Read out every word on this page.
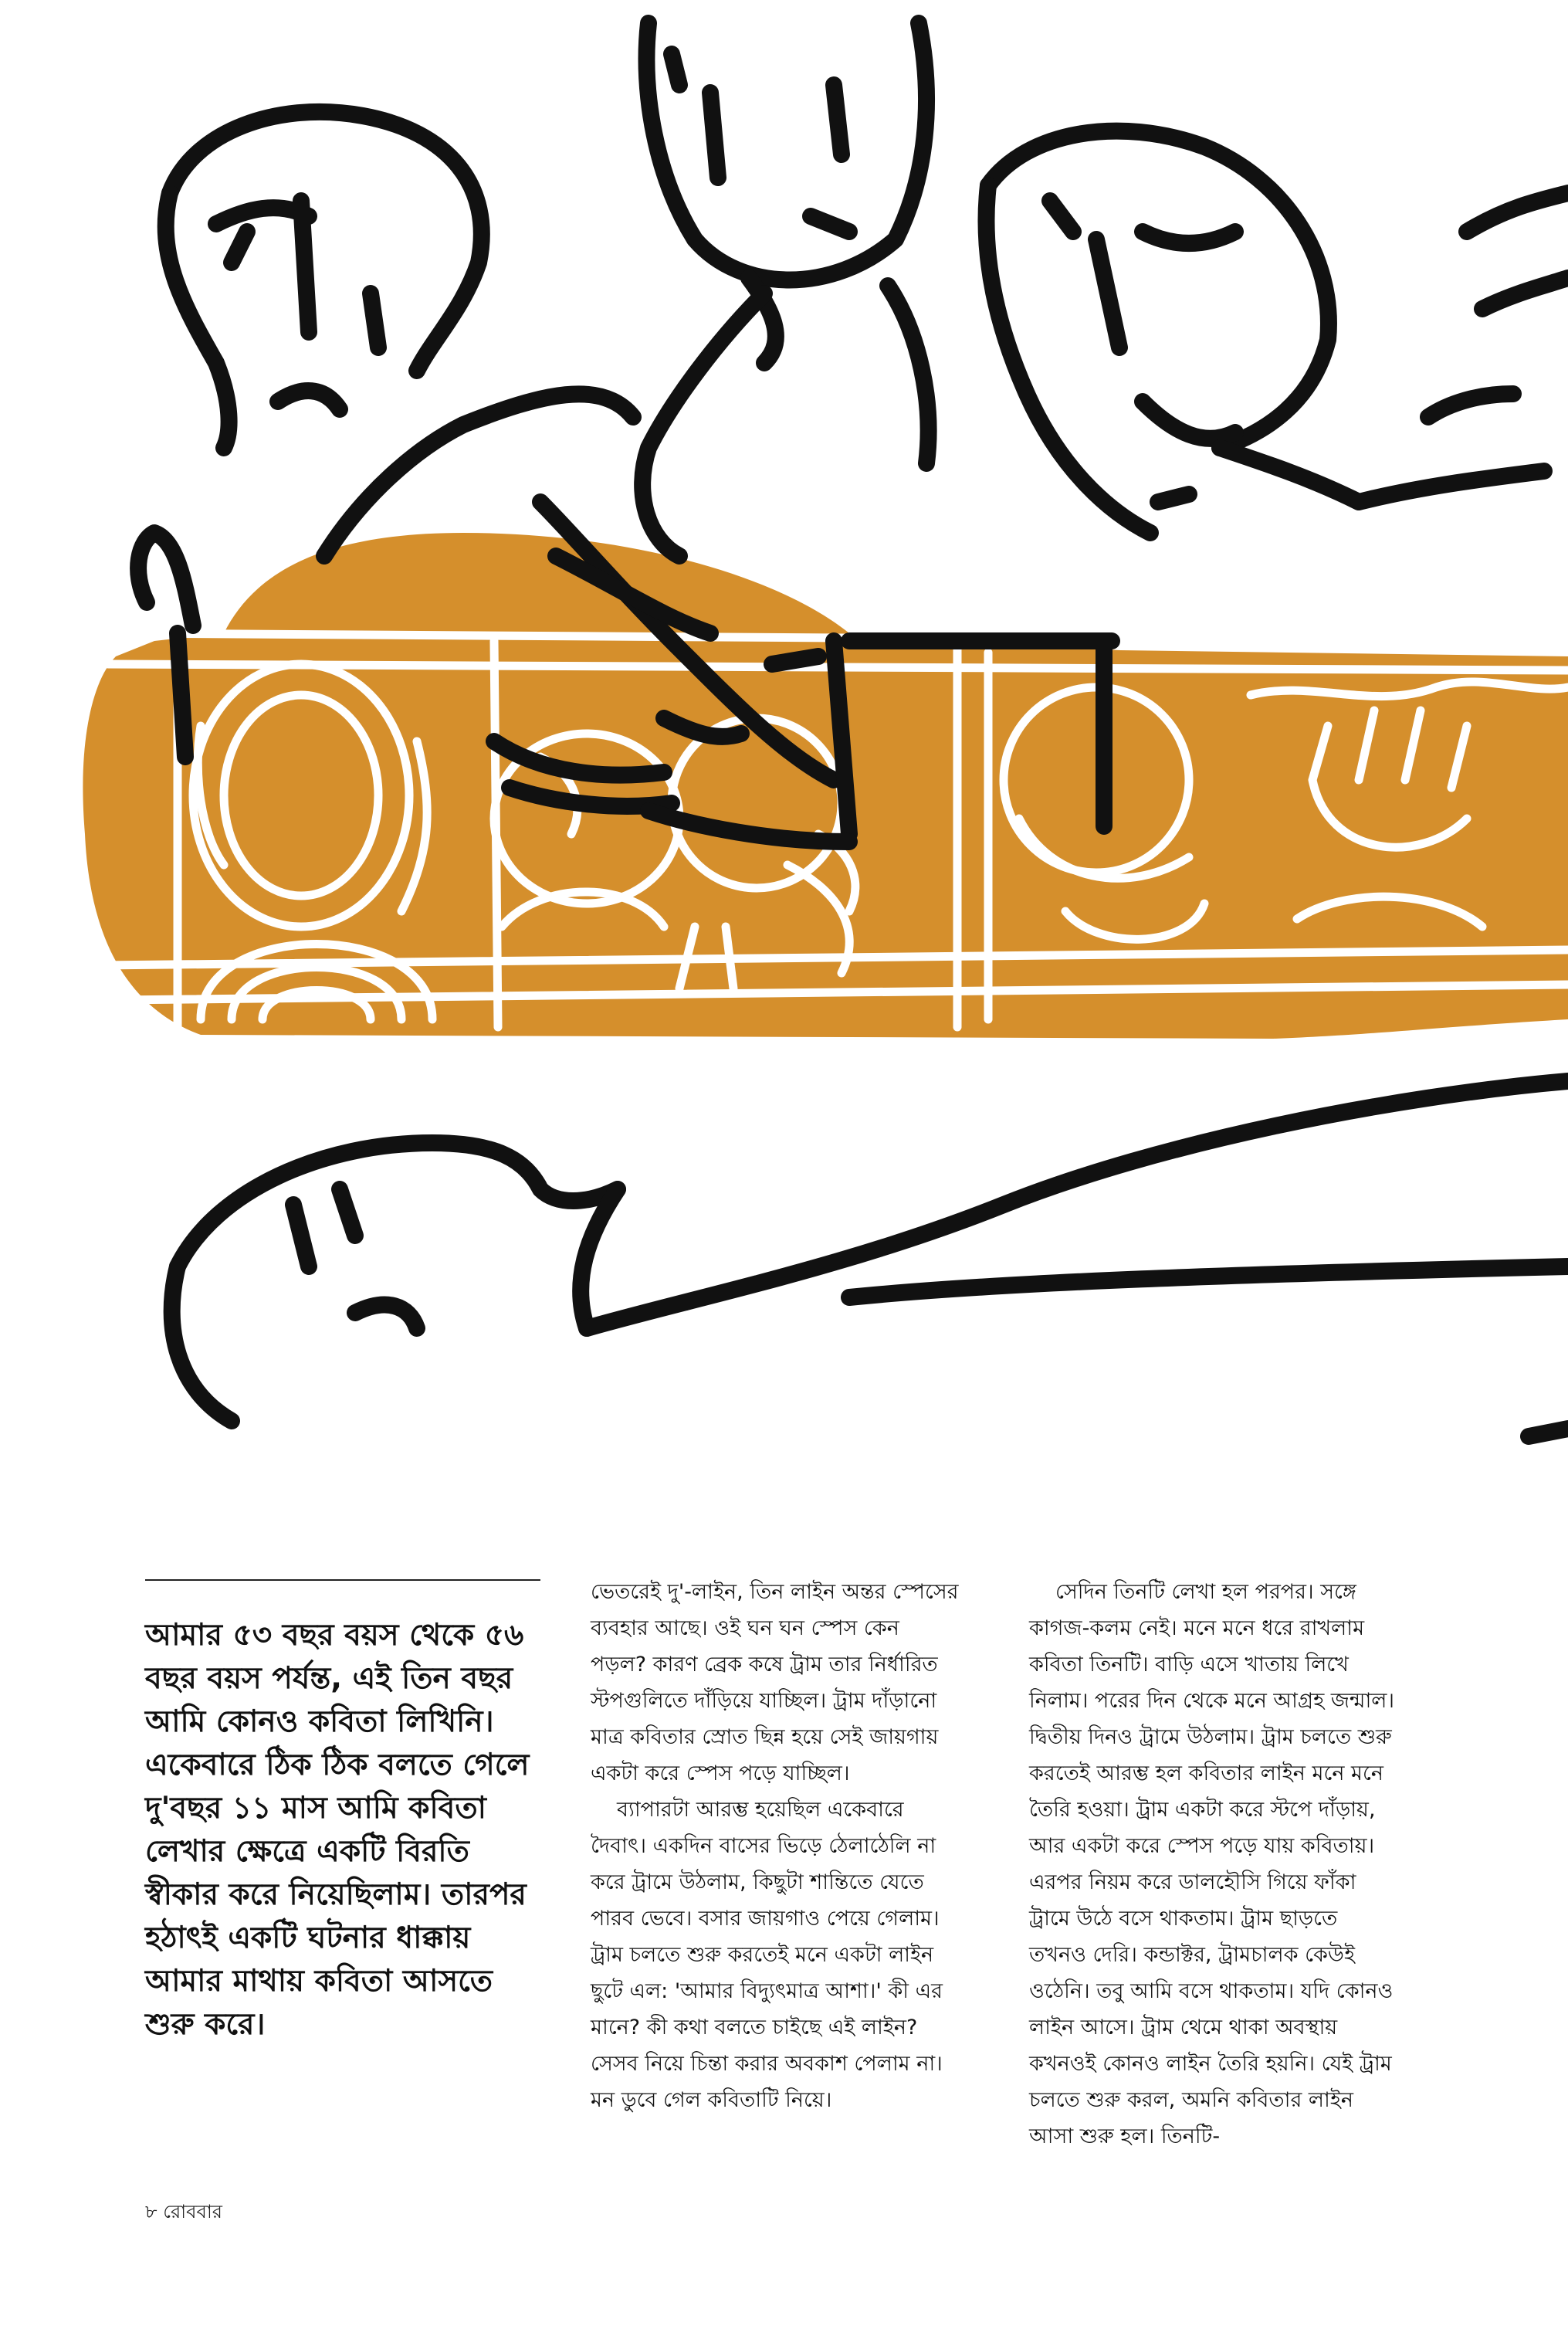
আমার ৫৩ বছর বয়স থেকে ৫৬ বছর বয়স পর্যন্ত, এই তিন বছর আমি কোনও কবিতা লিখিনি। একেবারে ঠিক ঠিক বলতে গেলে দু'বছর ১১ মাস আমি কবিতা লেখার ক্ষেত্রে একটি বিরতি স্বীকার করে নিয়েছিলাম। তারপর হঠাৎই একটি ঘটনার ধাক্কায় আমার মাথায় কবিতা আসতে শুরু করে।

ভেতরেই দু'-লাইন, তিন লাইন অন্তর স্পেসের ব্যবহার আছে। ওই ঘন ঘন স্পেস কেন পড়ল? কারণ ব্রেক কষে ট্রাম তার নির্ধারিত স্টপগুলিতে দাঁড়িয়ে যাচ্ছিল। ট্রাম দাঁড়ানো মাত্র কবিতার স্রোত ছিন্ন হয়ে সেই জায়গায় একটা করে স্পেস পড়ে যাচ্ছিল।

ব্যাপারটা আরম্ভ হয়েছিল একেবারে দৈবাৎ। একদিন বাসের ভিড়ে ঠেলাঠেলি না করে ট্রামে উঠলাম, কিছুটা শান্তিতে যেতে পারব ভেবে। বসার জায়গাও পেয়ে গেলাম। ট্রাম চলতে শুরু করতেই মনে একটা লাইন ছুটে এল: 'আমার বিদ্যুৎমাত্র আশা।' কী এর মানে? কী কথা বলতে চাইছে এই লাইন? সেসব নিয়ে চিন্তা করার অবকাশ পেলাম না। মন ডুবে গেল কবিতাটি নিয়ে।

সেদিন তিনটি লেখা হল পরপর। সঙ্গে কাগজ-কলম নেই। মনে মনে ধরে রাখলাম কবিতা তিনটি। বাড়ি এসে খাতায় লিখে নিলাম। পরের দিন থেকে মনে আগ্রহ জন্মাল। দ্বিতীয় দিনও ট্রামে উঠলাম। ট্রাম চলতে শুরু করতেই আরম্ভ হল কবিতার লাইন মনে মনে তৈরি হওয়া। ট্রাম একটা করে স্টপে দাঁড়ায়, আর একটা করে স্পেস পড়ে যায় কবিতায়। এরপর নিয়ম করে ডালহৌসি গিয়ে ফাঁকা ট্রামে উঠে বসে থাকতাম। ট্রাম ছাড়তে তখনও দেরি। কন্ডাক্টর, ট্রামচালক কেউই ওঠেনি। তবু আমি বসে থাকতাম। যদি কোনও লাইন আসে। ট্রাম থেমে থাকা অবস্থায় কখনওই কোনও লাইন তৈরি হয়নি। যেই ট্রাম চলতে শুরু করল, অমনি কবিতার লাইন আসা শুরু হল। তিনটি-

৮ রোববার
